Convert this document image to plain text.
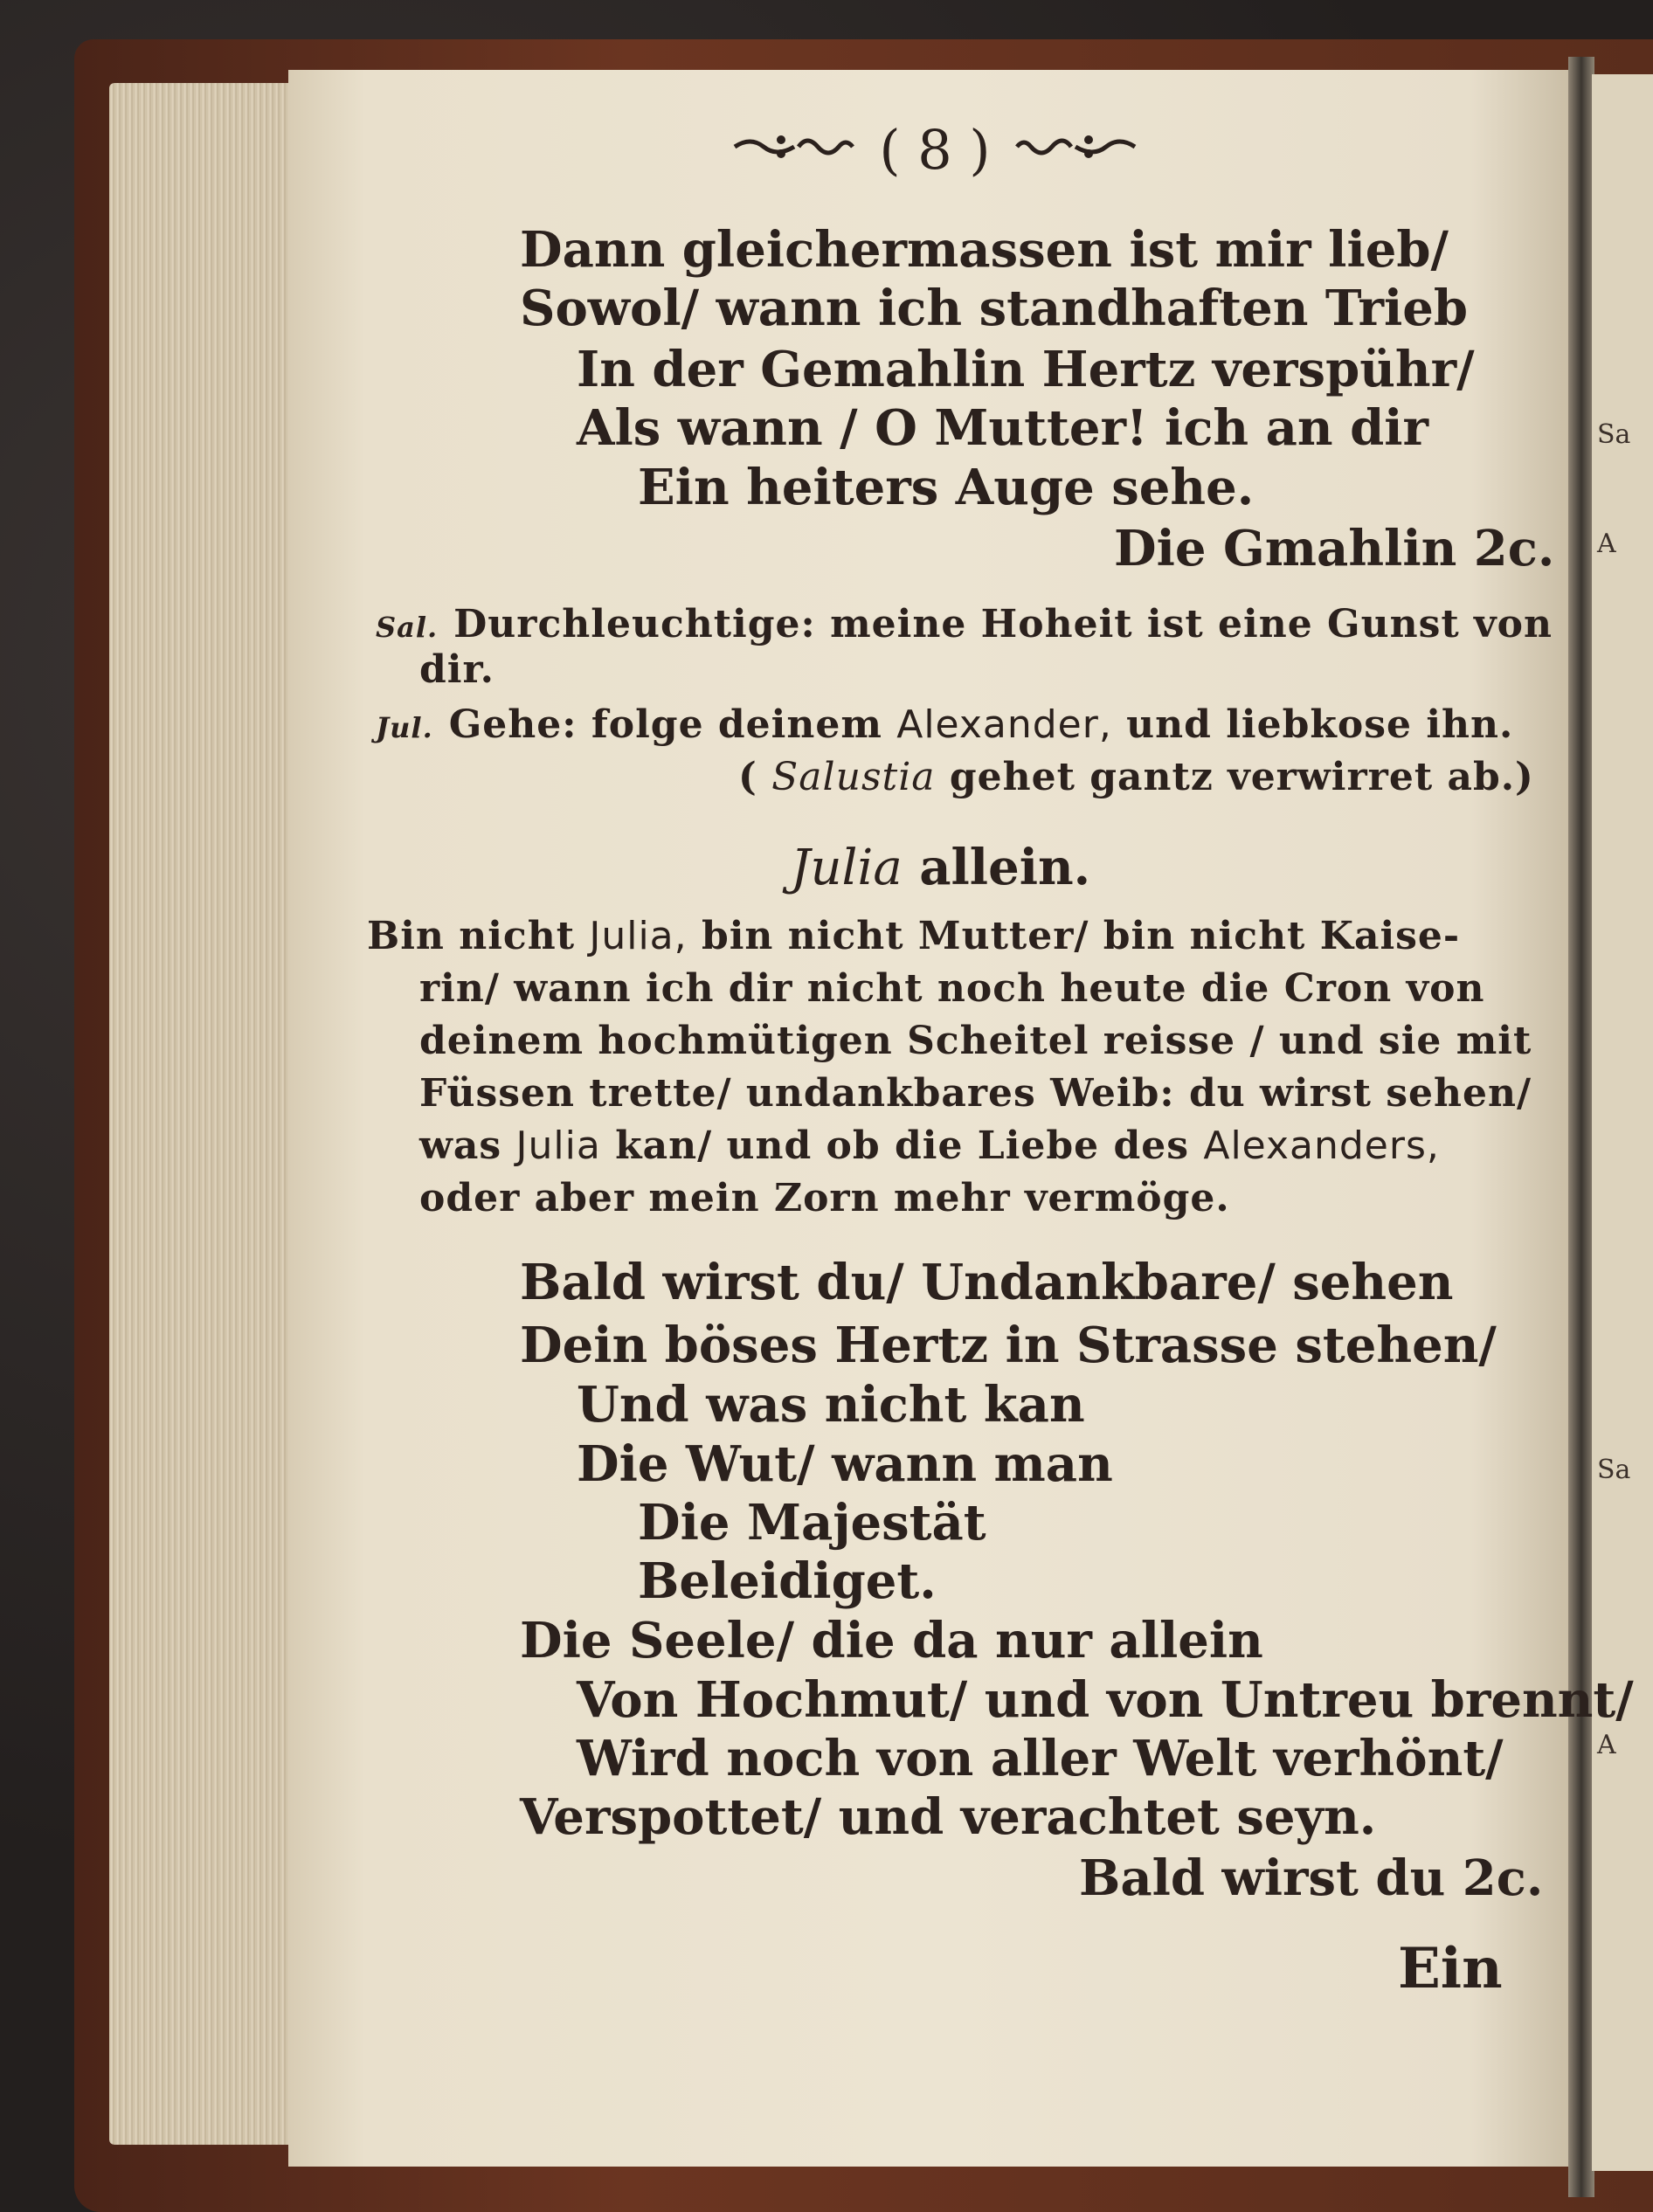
Sa
A
Sa
A
( 8 )
Dann gleichermassen ist mir lieb/
Sowol/ wann ich standhaften Trieb
In der Gemahlin Hertz verspühr/
Als wann / O Mutter! ich an dir
Ein heiters Auge sehe.
Die Gmahlin 2c.
Sal. Durchleuchtige: meine Hoheit ist eine Gunst von
dir.
Jul. Gehe: folge deinem Alexander, und liebkose ihn.
( Salustia gehet gantz verwirret ab.)
Julia allein.
Bin nicht Julia, bin nicht Mutter/ bin nicht Kaise-
rin/ wann ich dir nicht noch heute die Cron von
deinem hochmütigen Scheitel reisse / und sie mit
Füssen trette/ undankbares Weib: du wirst sehen/
was Julia kan/ und ob die Liebe des Alexanders,
oder aber mein Zorn mehr vermöge.
Bald wirst du/ Undankbare/ sehen
Dein böses Hertz in Strasse stehen/
Und was nicht kan
Die Wut/ wann man
Die Majestät
Beleidiget.
Die Seele/ die da nur allein
Von Hochmut/ und von Untreu brennt/
Wird noch von aller Welt verhönt/
Verspottet/ und verachtet seyn.
Bald wirst du 2c.
Ein
